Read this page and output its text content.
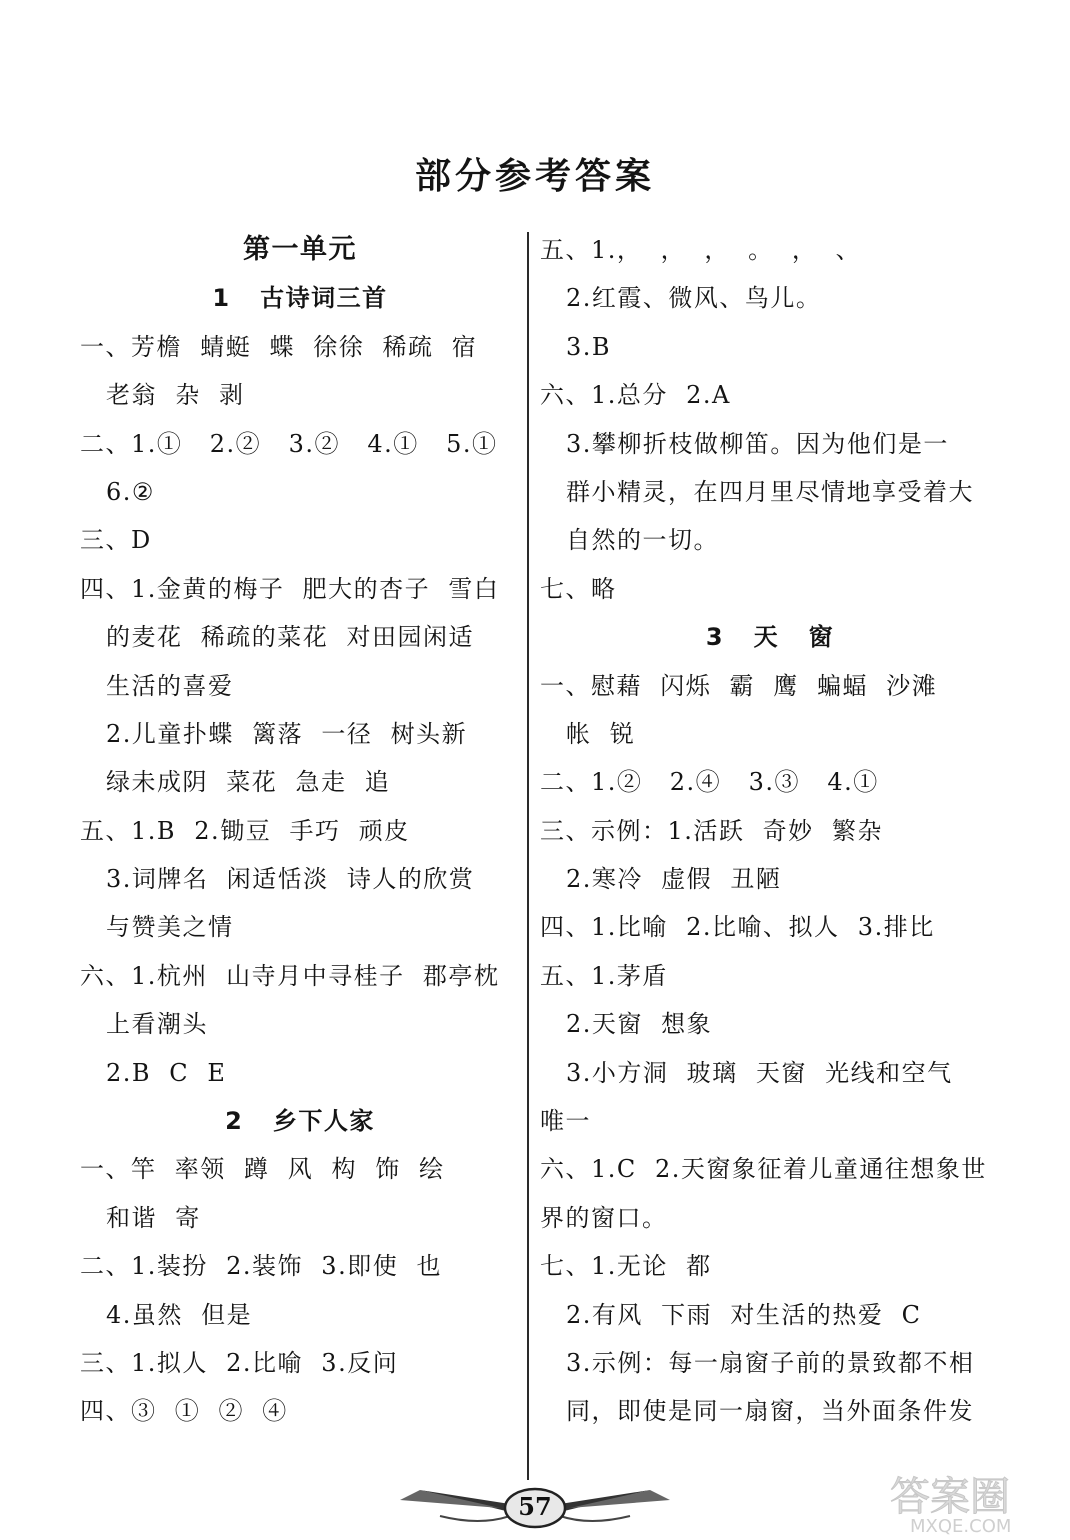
部分参考答案
第一单元
1   古诗词三首
一、芳檐  蜻蜓  蝶  徐徐  稀疏  宿
老翁  杂  剥
二、1.①   2.②   3.②   4.①   5.①
6.②
三、D
四、1.金黄的梅子  肥大的杏子  雪白
的麦花  稀疏的菜花  对田园闲适
生活的喜爱
2.儿童扑蝶  篱落  一径  树头新
绿未成阴  菜花  急走  追
五、1.B  2.锄豆  手巧  顽皮
3.词牌名  闲适恬淡  诗人的欣赏
与赞美之情
六、1.杭州  山寺月中寻桂子  郡亭枕
上看潮头
2.B  C  E
2   乡下人家
一、竿  率领  蹲  风  构  饰  绘
和谐  寄
二、1.装扮  2.装饰  3.即使  也
4.虽然  但是
三、1.拟人  2.比喻  3.反问
四、③  ①  ②  ④
五、1.，  ，  ，  。  ，  、
2.红霞、微风、鸟儿。
3.B
六、1.总分  2.A
3.攀柳折枝做柳笛。因为他们是一
群小精灵，在四月里尽情地享受着大
自然的一切。
七、略
3   天   窗
一、慰藉  闪烁  霸  鹰  蝙蝠  沙滩
帐  锐
二、1.②   2.④   3.③   4.①
三、示例：1.活跃  奇妙  繁杂
2.寒冷  虚假  丑陋
四、1.比喻  2.比喻、拟人  3.排比
五、1.茅盾
2.天窗  想象
3.小方洞  玻璃  天窗  光线和空气
唯一
六、1.C  2.天窗象征着儿童通往想象世
界的窗口。
七、1.无论  都
2.有风  下雨  对生活的热爱  C
3.示例：每一扇窗子前的景致都不相
同，即使是同一扇窗，当外面条件发
57	答案圈
MXQE.COM
